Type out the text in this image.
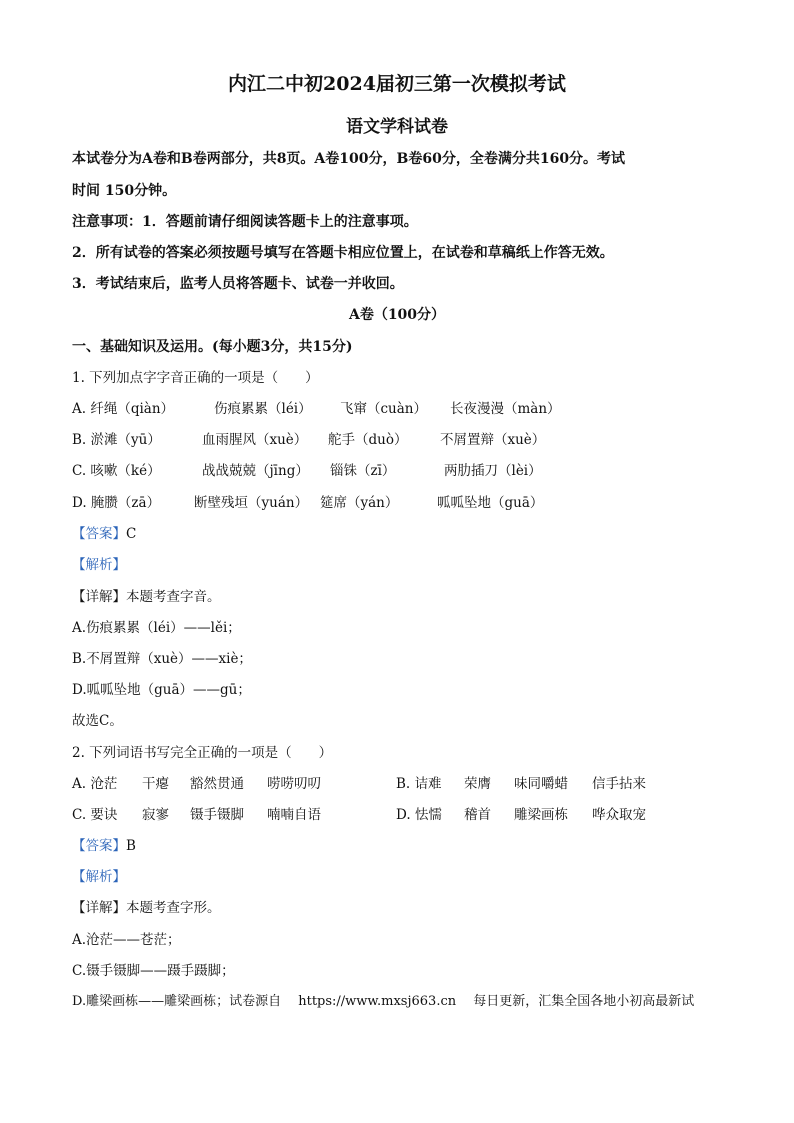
内江二中初2024届初三第一次模拟考试
语文学科试卷
本试卷分为A卷和B卷两部分，共8页。A卷100分，B卷60分，全卷满分共160分。考试
时间 150分钟。
注意事项：1．答题前请仔细阅读答题卡上的注意事项。
2．所有试卷的答案必须按题号填写在答题卡相应位置上，在试卷和草稿纸上作答无效。
3．考试结束后，监考人员将答题卡、试卷一并收回。
A卷（100分）
一、基础知识及运用。(每小题3分，共15分)
1. 下列加点字字音正确的一项是（　　）
A. 纤绳（qiàn）	伤痕累累（léi） 飞窜（cuàn） 长夜漫漫（màn）
B. 淤滩（yū）	血雨腥风（xuè） 舵手（duò） 不屑置辩（xuè）
C. 咳嗽（ké）	战战兢兢（jīng） 锱铢（zī）	两肋插刀（lèi）
D. 腌臜（zā）	断壁残垣（yuán） 筵席（yán）	呱呱坠地（guā）
【答案】C
【解析】
【详解】本题考查字音。
A.伤痕累累（léi）——lěi；
B.不屑置辩（xuè）——xiè；
D.呱呱坠地（guā）——gū；
故选C。
2. 下列词语书写完全正确的一项是（　　）
A. 沧茫 干瘪 豁然贯通 唠唠叨叨	B. 诘难 荣膺 味同嚼蜡 信手拈来
C. 要诀 寂寥 镊手镊脚 喃喃自语	D. 怯懦 稽首 雕梁画栋 哗众取宠
【答案】B
【解析】
【详解】本题考查字形。
A.沧茫——苍茫；
C.镊手镊脚——蹑手蹑脚；
D.雕梁画栋——雕梁画栋；试卷源自　 https://www.mxsj663.cn　 每日更新，汇集全国各地小初高最新试
